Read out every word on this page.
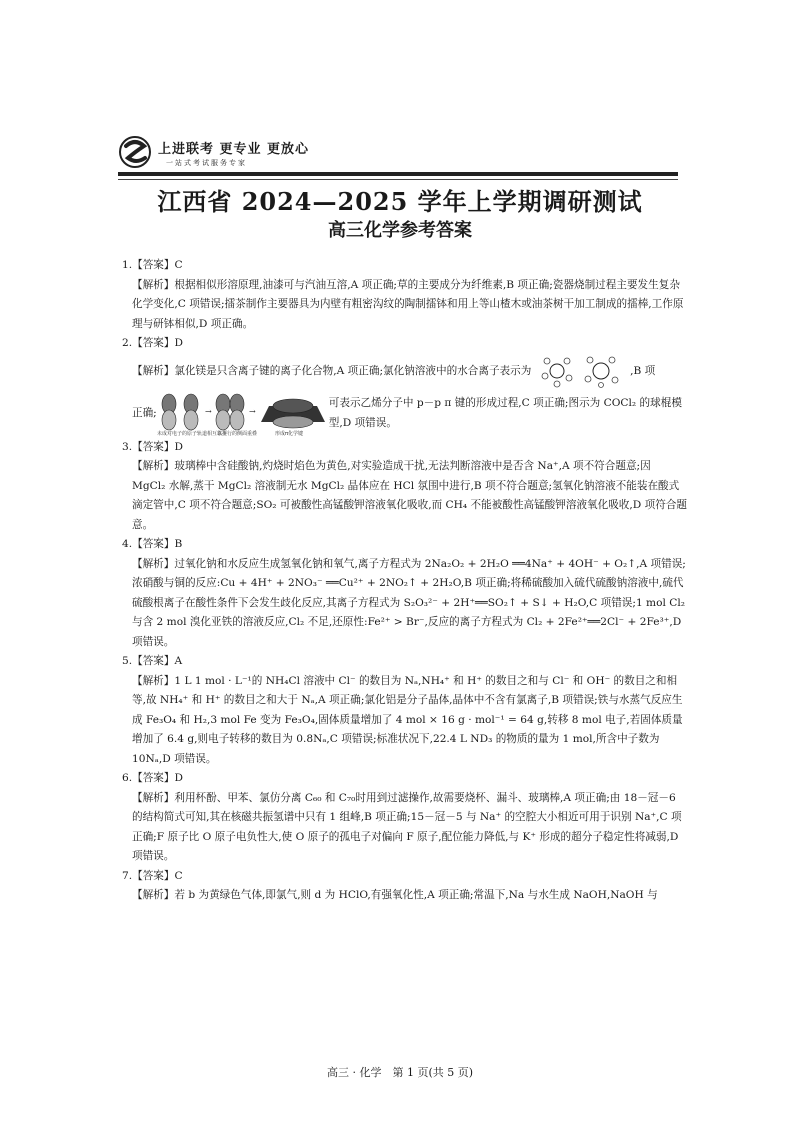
上进联考 更专业 更放心
一站式考试服务专家
江西省 2024—2025 学年上学期调研测试
高三化学参考答案

1.【答案】C

【解析】根据相似形溶原理,油漆可与汽油互溶,A 项正确;草的主要成分为纤维素,B 项正确;瓷器烧制过程主要发生复杂化学变化,C 项错误;擂茶制作主要器具为内壁有粗密沟纹的陶制擂钵和用上等山楂木或油茶树干加工制成的擂棒,工作原理与研钵相似,D 项正确。

2.【答案】D

【解析】氯化镁是只含离子键的离子化合物,A 项正确;氯化钠溶液中的水合离子表示为	,B 项

正确;	→	→
未成对电子的原子轨道相互靠拢
以平行的侧面重叠	形成π化学键
可表示乙烯分子中 p－p π 键的形成过程,C 项正确;图示为 COCl₂ 的球棍模型,D 项错误。

3.【答案】D

【解析】玻璃棒中含硅酸钠,灼烧时焰色为黄色,对实验造成干扰,无法判断溶液中是否含 Na⁺,A 项不符合题意;因 MgCl₂ 水解,蒸干 MgCl₂ 溶液制无水 MgCl₂ 晶体应在 HCl 氛围中进行,B 项不符合题意;氢氧化钠溶液不能装在酸式滴定管中,C 项不符合题意;SO₂ 可被酸性高锰酸钾溶液氧化吸收,而 CH₄ 不能被酸性高锰酸钾溶液氧化吸收,D 项符合题意。

4.【答案】B

【解析】过氧化钠和水反应生成氢氧化钠和氧气,离子方程式为 2Na₂O₂ + 2H₂O ══4Na⁺ + 4OH⁻ + O₂↑,A 项错误;浓硝酸与铜的反应:Cu + 4H⁺ + 2NO₃⁻ ══Cu²⁺ + 2NO₂↑ + 2H₂O,B 项正确;将稀硫酸加入硫代硫酸钠溶液中,硫代硫酸根离子在酸性条件下会发生歧化反应,其离子方程式为 S₂O₃²⁻ + 2H⁺══SO₂↑ + S↓ + H₂O,C 项错误;1 mol Cl₂ 与含 2 mol 溴化亚铁的溶液反应,Cl₂ 不足,还原性:Fe²⁺ > Br⁻,反应的离子方程式为 Cl₂ + 2Fe²⁺══2Cl⁻ + 2Fe³⁺,D 项错误。

5.【答案】A

【解析】1 L 1 mol · L⁻¹的 NH₄Cl 溶液中 Cl⁻ 的数目为 Nₐ,NH₄⁺ 和 H⁺ 的数目之和与 Cl⁻ 和 OH⁻ 的数目之和相等,故 NH₄⁺ 和 H⁺ 的数目之和大于 Nₐ,A 项正确;氯化铝是分子晶体,晶体中不含有氯离子,B 项错误;铁与水蒸气反应生成 Fe₃O₄ 和 H₂,3 mol Fe 变为 Fe₃O₄,固体质量增加了 4 mol × 16 g · mol⁻¹ = 64 g,转移 8 mol 电子,若固体质量增加了 6.4 g,则电子转移的数目为 0.8Nₐ,C 项错误;标准状况下,22.4 L ND₃ 的物质的量为 1 mol,所含中子数为 10Nₐ,D 项错误。

6.【答案】D

【解析】利用杯酚、甲苯、氯仿分离 C₆₀ 和 C₇₀时用到过滤操作,故需要烧杯、漏斗、玻璃棒,A 项正确;由 18－冠－6 的结构简式可知,其在核磁共振氢谱中只有 1 组峰,B 项正确;15－冠－5 与 Na⁺ 的空腔大小相近可用于识别 Na⁺,C 项正确;F 原子比 O 原子电负性大,使 O 原子的孤电子对偏向 F 原子,配位能力降低,与 K⁺ 形成的超分子稳定性将减弱,D 项错误。

7.【答案】C

【解析】若 b 为黄绿色气体,即氯气,则 d 为 HClO,有强氧化性,A 项正确;常温下,Na 与水生成 NaOH,NaOH 与

高三 · 化学　第 1 页(共 5 页)
